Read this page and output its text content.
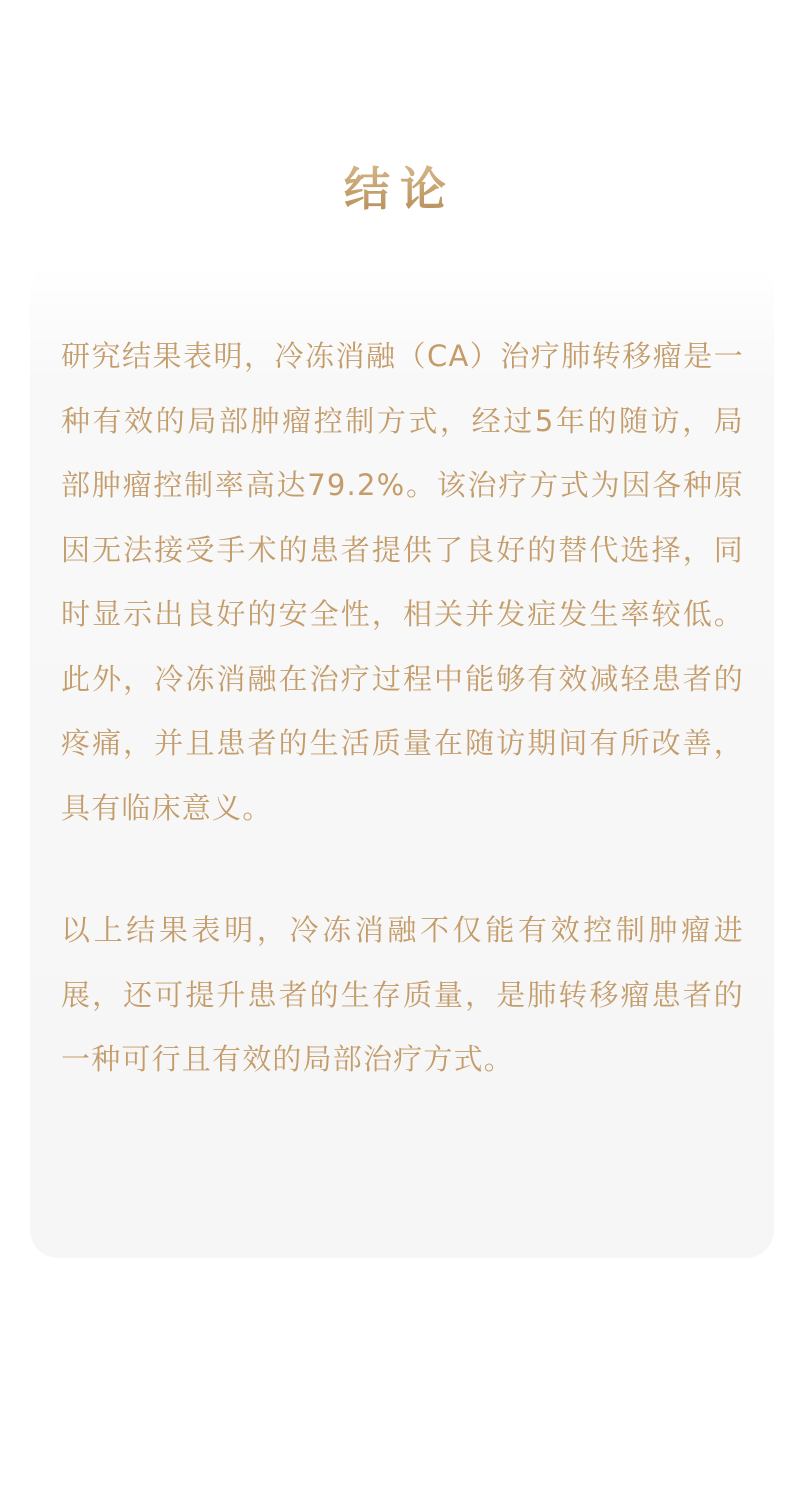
结论

研究结果表明，冷冻消融（CA）治疗肺转移瘤是一种有效的局部肿瘤控制方式，经过5年的随访，局部肿瘤控制率高达79.2%。该治疗方式为因各种原因无法接受手术的患者提供了良好的替代选择，同时显示出良好的安全性，相关并发症发生率较低。此外，冷冻消融在治疗过程中能够有效减轻患者的疼痛，并且患者的生活质量在随访期间有所改善，具有临床意义。

以上结果表明，冷冻消融不仅能有效控制肿瘤进展，还可提升患者的生存质量，是肺转移瘤患者的一种可行且有效的局部治疗方式。
